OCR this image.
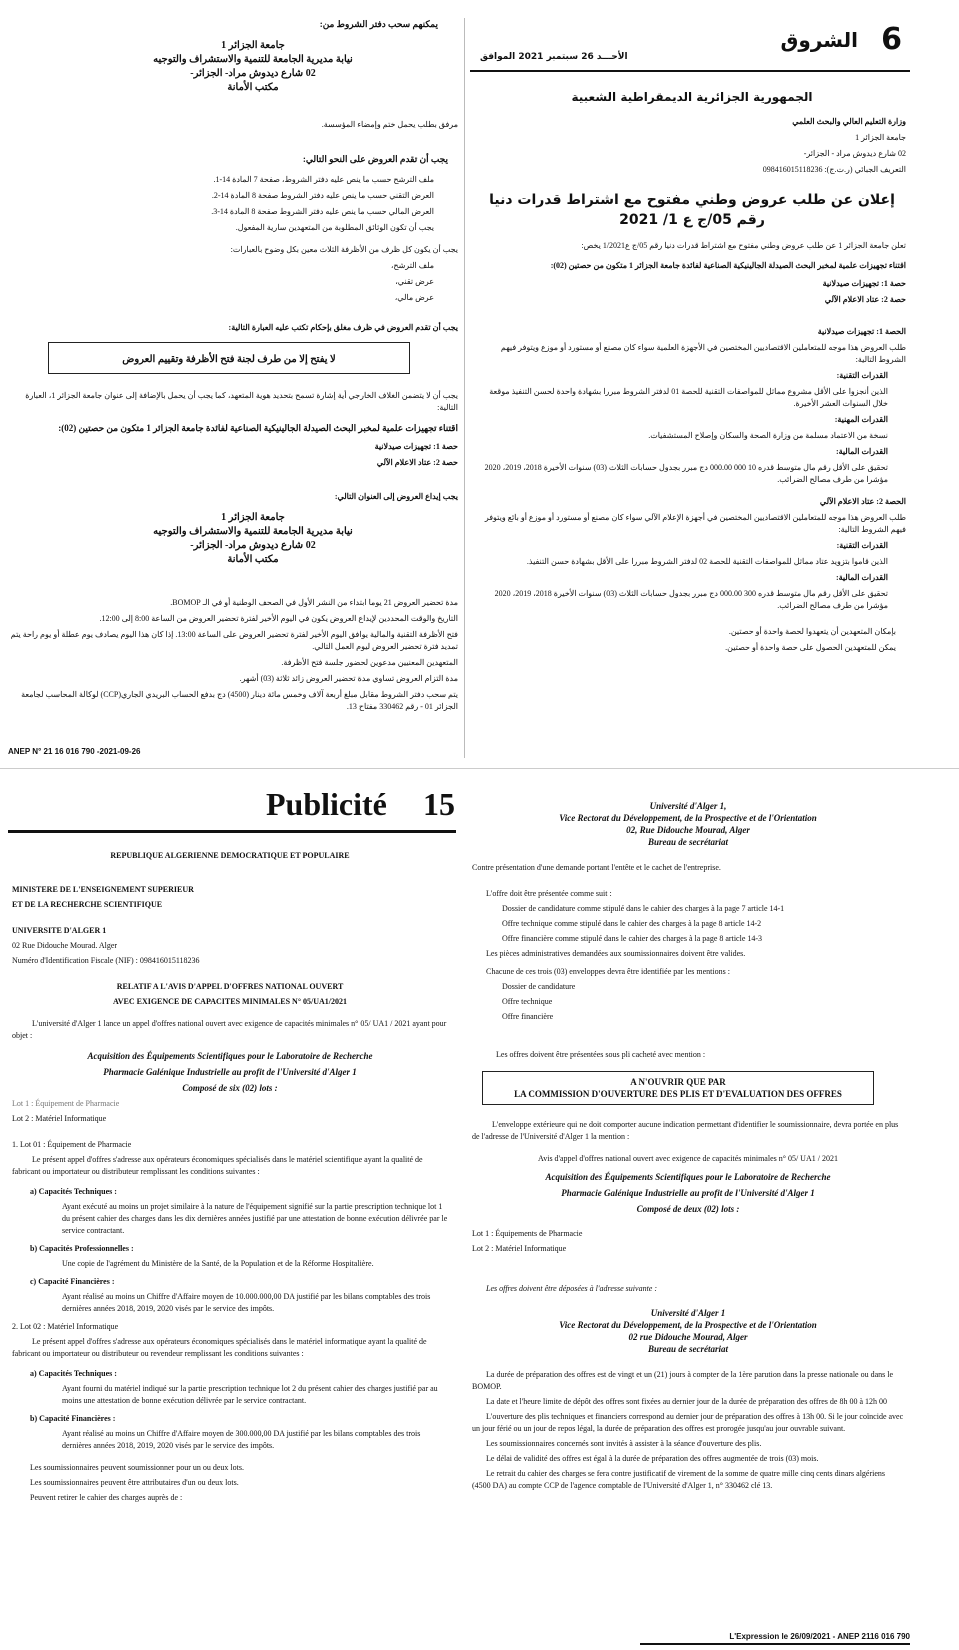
يمكنهم سحب دفتر الشروط من:

جامعة الجزائر 1
نيابة مديرية الجامعة للتنمية والاستشراف والتوجيه
02 شارع ديدوش مراد- الجزائر-
مكتب الأمانة

مرفق بطلب يحمل ختم وإمضاء المؤسسة.

يجب أن تقدم العروض على النحو التالي:

ملف الترشح حسب ما ينص عليه دفتر الشروط، صفحة 7 المادة 14-1.

العرض التقني حسب ما ينص عليه دفتر الشروط صفحة 8 المادة 14-2.

العرض المالي حسب ما ينص عليه دفتر الشروط صفحة 8 المادة 14-3.

يجب أن تكون الوثائق المطلوبة من المتعهدين سارية المفعول.

يجب أن يكون كل ظرف من الأظرفة الثلاث معين بكل وضوح بالعبارات:

ملف الترشح،

عرض تقني،

عرض مالي،

يجب أن تقدم العروض في ظرف مغلق بإحكام تكتب عليه العبارة التالية:

لا يفتح إلا من طرف لجنة فتح الأظرفة وتقييم العروض

يجب أن لا يتضمن الغلاف الخارجي أية إشارة تسمح بتحديد هوية المتعهد، كما يجب أن يحمل بالإضافة إلى عنوان جامعة الجزائر 1، العبارة التالية:

اقتناء تجهيزات علمية لمخبر البحث الصيدلة الجالينيكية الصناعية لفائدة جامعة الجزائر 1 متكون من حصتين (02):

حصة 1: تجهيزات صيدلانية

حصة 2: عتاد الاعلام الآلي

يجب إيداع العروض إلى العنوان التالي:

جامعة الجزائر 1
نيابة مديرية الجامعة للتنمية والاستشراف والتوجيه
02 شارع ديدوش مراد- الجزائر-
مكتب الأمانة

مدة تحضير العروض 21 يوما ابتداء من النشر الأول في الصحف الوطنية أو في الـ BOMOP.

التاريخ والوقت المحددين لإيداع العروض يكون في اليوم الأخير لفترة تحضير العروض من الساعة 8:00 إلى 12:00.

فتح الأظرفة التقنية والمالية يوافق اليوم الأخير لفترة تحضير العروض على الساعة 13:00. إذا كان هذا اليوم يصادف يوم عطلة أو يوم راحة يتم تمديد فترة تحضير العروض ليوم العمل التالي.

المتعهدين المعنيين مدعوين لحضور جلسة فتح الأظرفة.

مدة التزام العروض تساوي مدة تحضير العروض زائد ثلاثة (03) أشهر.

يتم سحب دفتر الشروط مقابل مبلغ أربعة آلاف وخمس مائة دينار (4500) دج بدفع الحساب البريدي الجاري(CCP) لوكالة المحاسب لجامعة الجزائر 01 - رقم 330462 مفتاح 13.

ANEP N° 21 16 016 790 -2021-09-26
6
الشروق
الأحـــد 26 سبتمبر 2021 الموافق

الجمهورية الجزائرية الديمقراطية الشعبية

وزارة التعليم العالي والبحث العلمي

جامعة الجزائر 1

02 شارع ديدوش مراد - الجزائر-

التعريف الجبائي (ر.ت.ج): 098416015118236

إعلان عن طلب عروض وطني مفتوح مع اشتراط قدرات دنيا رقم 05/ج ع 1/ 2021

تعلن جامعة الجزائر 1 عن طلب عروض وطني مفتوح مع اشتراط قدرات دنيا رقم 05/ج ع1/2021 يخص:

اقتناء تجهيزات علمية لمخبر البحث الصيدلة الجالينيكية الصناعية لفائدة جامعة الجزائر 1 متكون من حصتين (02):

حصة 1: تجهيزات صيدلانية

حصة 2: عتاد الاعلام الآلي

الحصة 1: تجهيزات صيدلانية

طلب العروض هذا موجه للمتعاملين الاقتصاديين المختصين في الأجهزة العلمية سواء كان مصنع أو مستورد أو موزع ويتوفر فيهم الشروط التالية:

القدرات التقنية:

الذين أنجزوا على الأقل مشروع مماثل للمواصفات التقنية للحصة 01 لدفتر الشروط مبررا بشهادة واحدة لحسن التنفيذ موقعة خلال السنوات العشر الأخيرة.

القدرات المهنية:

نسخة من الاعتماد مسلمة من وزارة الصحة والسكان وإصلاح المستشفيات.

القدرات المالية:

تحقيق على الأقل رقم مال متوسط قدره 10 000 000.00 دج مبرر بجدول حسابات الثلاث (03) سنوات الأخيرة 2018، 2019، 2020 مؤشرا من طرف مصالح الضرائب.

الحصة 2: عتاد الاعلام الآلي

طلب العروض هذا موجه للمتعاملين الاقتصاديين المختصين في أجهزة الإعلام الآلي سواء كان مصنع أو مستورد أو موزع أو بائع ويتوفر فيهم الشروط التالية:

القدرات التقنية:

الذين قاموا بتزويد عتاد مماثل للمواصفات التقنية للحصة 02 لدفتر الشروط مبررا على الأقل بشهادة حسن التنفيذ.

القدرات المالية:

تحقيق على الأقل رقم مال متوسط قدره 300 000.00 دج مبرر بجدول حسابات الثلاث (03) سنوات الأخيرة 2018، 2019، 2020 مؤشرا من طرف مصالح الضرائب.

بإمكان المتعهدين أن يتعهدوا لحصة واحدة أو حصتين.

يمكن للمتعهدين الحصول على حصة واحدة أو حصتين.

Publicité 15

REPUBLIQUE ALGERIENNE DEMOCRATIQUE ET POPULAIRE

MINISTERE DE L'ENSEIGNEMENT SUPERIEUR

ET DE LA RECHERCHE SCIENTIFIQUE

UNIVERSITE D'ALGER 1

02 Rue Didouche Mourad. Alger

Numéro d'Identification Fiscale (NIF) : 098416015118236

RELATIF A L'AVIS D'APPEL D'OFFRES NATIONAL OUVERT

AVEC EXIGENCE DE CAPACITES MINIMALES N° 05/UA1/2021

L'université d'Alger 1 lance un appel d'offres national ouvert avec exigence de capacités minimales n° 05/ UA1 / 2021 ayant pour objet :

Acquisition des Équipements Scientifiques pour le Laboratoire de Recherche

Pharmacie Galénique Industrielle au profit de l'Université d'Alger 1

Composé de six (02) lots :

Lot 1 : Équipement de Pharmacie

Lot 2 : Matériel Informatique

1. Lot 01 : Équipement de Pharmacie

Le présent appel d'offres s'adresse aux opérateurs économiques spécialisés dans le matériel scientifique ayant la qualité de fabricant ou importateur ou distributeur remplissant les conditions suivantes :

a) Capacités Techniques :

Ayant exécuté au moins un projet similaire à la nature de l'équipement signifié sur la partie prescription technique lot 1 du présent cahier des charges dans les dix dernières années justifié par une attestation de bonne exécution délivrée par le service contractant.

b) Capacités Professionnelles :

Une copie de l'agrément du Ministère de la Santé, de la Population et de la Réforme Hospitalière.

c) Capacité Financières :

Ayant réalisé au moins un Chiffre d'Affaire moyen de 10.000.000,00 DA justifié par les bilans comptables des trois dernières années 2018, 2019, 2020 visés par le service des impôts.

2. Lot 02 : Matériel Informatique

Le présent appel d'offres s'adresse aux opérateurs économiques spécialisés dans le matériel informatique ayant la qualité de fabricant ou importateur ou distributeur ou revendeur remplissant les conditions suivantes :

a) Capacités Techniques :

Ayant fourni du matériel indiqué sur la partie prescription technique lot 2 du présent cahier des charges justifié par au moins une attestation de bonne exécution délivrée par le service contractant.

b) Capacité Financières :

Ayant réalisé au moins un Chiffre d'Affaire moyen de 300.000,00 DA justifié par les bilans comptables des trois dernières années 2018, 2019, 2020 visés par le service des impôts.

Les soumissionnaires peuvent soumissionner pour un ou deux lots.

Les soumissionnaires peuvent être attributaires d'un ou deux lots.

Peuvent retirer le cahier des charges auprès de :

Université d'Alger 1,
Vice Rectorat du Développement, de la Prospective et de l'Orientation
02, Rue Didouche Mourad, Alger
Bureau de secrétariat

Contre présentation d'une demande portant l'entête et le cachet de l'entreprise.

L'offre doit être présentée comme suit :

Dossier de candidature comme stipulé dans le cahier des charges à la page 7 article 14-1

Offre technique comme stipulé dans le cahier des charges à la page 8 article 14-2

Offre financière comme stipulé dans le cahier des charges à la page 8 article 14-3

Les pièces administratives demandées aux soumissionnaires doivent être valides.

Chacune de ces trois (03) enveloppes devra être identifiée par les mentions :

Dossier de candidature

Offre technique

Offre financière

Les offres doivent être présentées sous pli cacheté avec mention :

A N'OUVRIR QUE PAR
LA COMMISSION D'OUVERTURE DES PLIS ET D'EVALUATION DES OFFRES

L'enveloppe extérieure qui ne doit comporter aucune indication permettant d'identifier le soumissionnaire, devra portée en plus de l'adresse de l'Université d'Alger 1 la mention :

Avis d'appel d'offres national ouvert avec exigence de capacités minimales n° 05/ UA1 / 2021

Acquisition des Équipements Scientifiques pour le Laboratoire de Recherche

Pharmacie Galénique Industrielle au profit de l'Université d'Alger 1

Composé de deux (02) lots :

Lot 1 : Équipements de Pharmacie

Lot 2 : Matériel Informatique

Les offres doivent être déposées à l'adresse suivante :

Université d'Alger 1
Vice Rectorat du Développement, de la Prospective et de l'Orientation
02 rue Didouche Mourad, Alger
Bureau de secrétariat

La durée de préparation des offres est de vingt et un (21) jours à compter de la 1ère parution dans la presse nationale ou dans le BOMOP.

La date et l'heure limite de dépôt des offres sont fixées au dernier jour de la durée de préparation des offres de 8h 00 à 12h 00

L'ouverture des plis techniques et financiers correspond au dernier jour de préparation des offres à 13h 00. Si le jour coïncide avec un jour férié ou un jour de repos légal, la durée de préparation des offres est prorogée jusqu'au jour ouvrable suivant.

Les soumissionnaires concernés sont invités à assister à la séance d'ouverture des plis.

Le délai de validité des offres est égal à la durée de préparation des offres augmentée de trois (03) mois.

Le retrait du cahier des charges se fera contre justificatif de virement de la somme de quatre mille cinq cents dinars algériens (4500 DA) au compte CCP de l'agence comptable de l'Université d'Alger 1, n° 330462 clé 13.

L'Expression le 26/09/2021 - ANEP 2116 016 790
